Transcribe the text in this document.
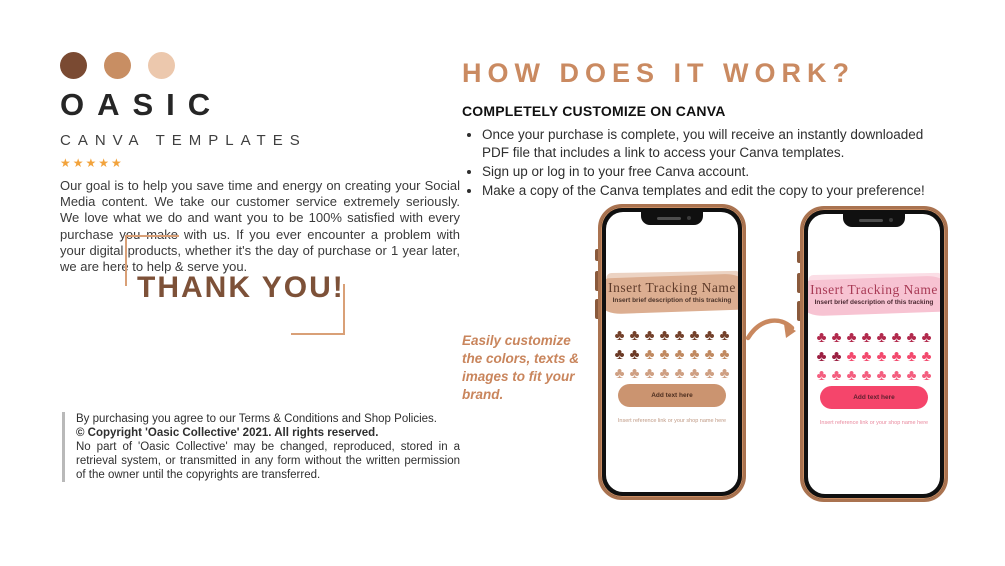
OASIC
CANVA TEMPLATES
★★★★★

Our goal is to help you save time and energy on creating your Social Media content. We take our customer service extremely seriously. We love what we do and want you to be 100% satisfied with every purchase you make with us. If you ever encounter a problem with your digital products, whether it's the day of purchase or 1 year later, we are here to help & serve you.

THANK YOU!
By purchasing you agree to our Terms & Conditions and Shop Policies.
© Copyright 'Oasic Collective' 2021. All rights reserved.
No part of 'Oasic Collective' may be changed, reproduced, stored in a retrieval system, or transmitted in any form without the written permission of the owner until the copyrights are transferred.
HOW DOES IT WORK?
COMPLETELY CUSTOMIZE ON CANVA
• Once your purchase is complete, you will receive an instantly downloaded PDF file that includes a link to access your Canva templates.
• Sign up or log in to your free Canva account.
• Make a copy of the Canva templates and edit the copy to your preference!
Easily customize the colors, texts & images to fit your brand.
Insert Tracking Name
Insert brief description of this tracking
♣ ♣ ♣ ♣ ♣ ♣ ♣ ♣
♣ ♣ ♣ ♣ ♣ ♣ ♣ ♣
♣ ♣ ♣ ♣ ♣ ♣ ♣ ♣
Add text here
Insert reference link or your shop name here
Insert Tracking Name
Insert brief description of this tracking
♣ ♣ ♣ ♣ ♣ ♣ ♣ ♣
♣ ♣ ♣ ♣ ♣ ♣ ♣ ♣
♣ ♣ ♣ ♣ ♣ ♣ ♣ ♣
Add text here
Insert reference link or your shop name here
